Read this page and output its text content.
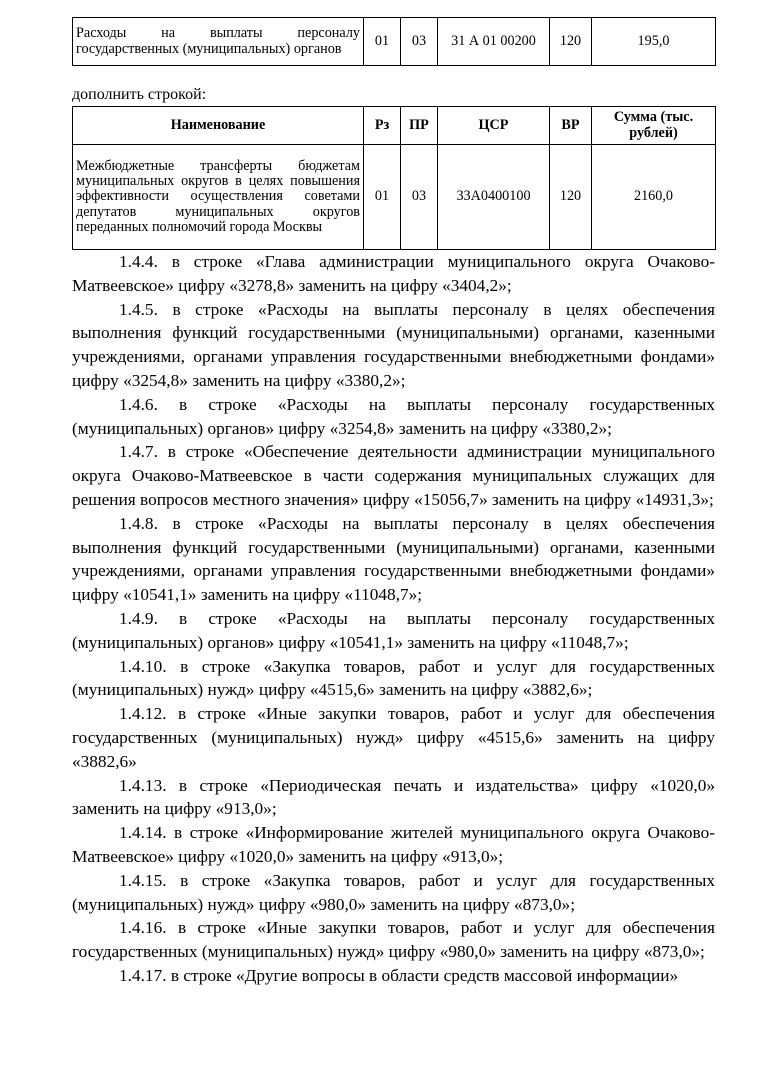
Расходы на выплаты персоналу государственных (муниципальных) органов	01	03	31 А 01 00200	120	195,0
дополнить строкой:
Наименование	Рз	ПР	ЦСР	ВР	Сумма (тыс. рублей)
Межбюджетные трансферты бюджетам муниципальных округов в целях повышения эффективности осуществления советами депутатов муниципальных округов переданных полномочий города Москвы	01	03	33А0400100	120	2160,0

1.4.4. в строке «Глава администрации муниципального округа Очаково-Матвеевское» цифру «3278,8» заменить на цифру «3404,2»;

1.4.5. в строке «Расходы на выплаты персоналу в целях обеспечения выполнения функций государственными (муниципальными) органами, казенными учреждениями, органами управления государственными внебюджетными фондами» цифру «3254,8» заменить на цифру «3380,2»;

1.4.6. в строке «Расходы на выплаты персоналу государственных (муниципальных) органов» цифру «3254,8» заменить на цифру «3380,2»;

1.4.7. в строке «Обеспечение деятельности администрации муниципального округа Очаково-Матвеевское в части содержания муниципальных служащих для решения вопросов местного значения» цифру «15056,7» заменить на цифру «14931,3»;

1.4.8. в строке «Расходы на выплаты персоналу в целях обеспечения выполнения функций государственными (муниципальными) органами, казенными учреждениями, органами управления государственными внебюджетными фондами» цифру «10541,1» заменить на цифру «11048,7»;

1.4.9. в строке «Расходы на выплаты персоналу государственных (муниципальных) органов» цифру «10541,1» заменить на цифру «11048,7»;

1.4.10. в строке «Закупка товаров, работ и услуг для государственных (муниципальных) нужд» цифру «4515,6» заменить на цифру «3882,6»;

1.4.12. в строке «Иные закупки товаров, работ и услуг для обеспечения государственных (муниципальных) нужд» цифру «4515,6» заменить на цифру «3882,6»

1.4.13. в строке «Периодическая печать и издательства» цифру «1020,0» заменить на цифру «913,0»;

1.4.14. в строке «Информирование жителей муниципального округа Очаково-Матвеевское» цифру «1020,0» заменить на цифру «913,0»;

1.4.15. в строке «Закупка товаров, работ и услуг для государственных (муниципальных) нужд» цифру «980,0» заменить на цифру «873,0»;

1.4.16. в строке «Иные закупки товаров, работ и услуг для обеспечения государственных (муниципальных) нужд» цифру «980,0» заменить на цифру «873,0»;

1.4.17. в строке «Другие вопросы в области средств массовой информации»
